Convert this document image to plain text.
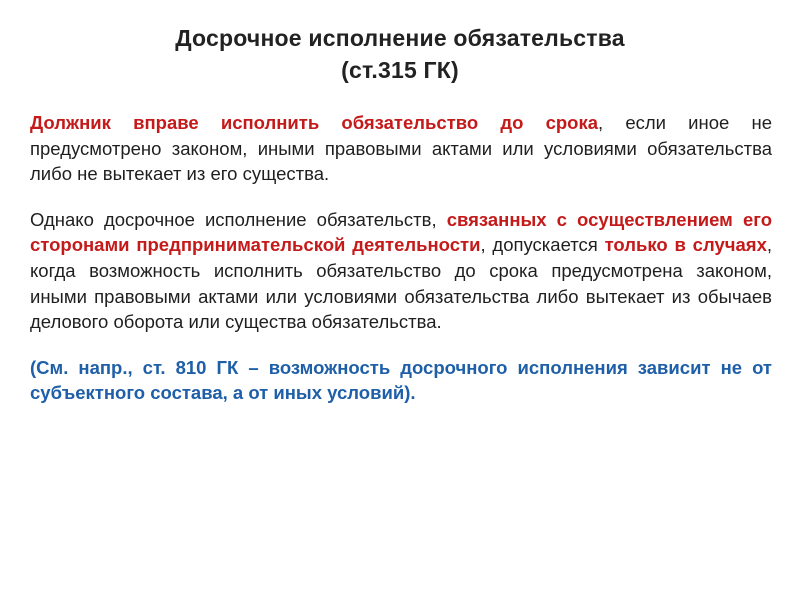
Досрочное исполнение обязательства
(ст.315 ГК)

Должник вправе исполнить обязательство до срока, если иное не предусмотрено законом, иными правовыми актами или условиями обязательства либо не вытекает из его существа.

Однако досрочное исполнение обязательств, связанных с осуществлением его сторонами предпринимательской деятельности, допускается только в случаях, когда возможность исполнить обязательство до срока предусмотрена законом, иными правовыми актами или условиями обязательства либо вытекает из обычаев делового оборота или существа обязательства.

(См. напр., ст. 810 ГК – возможность досрочного исполнения зависит не от субъектного состава, а от иных условий).
